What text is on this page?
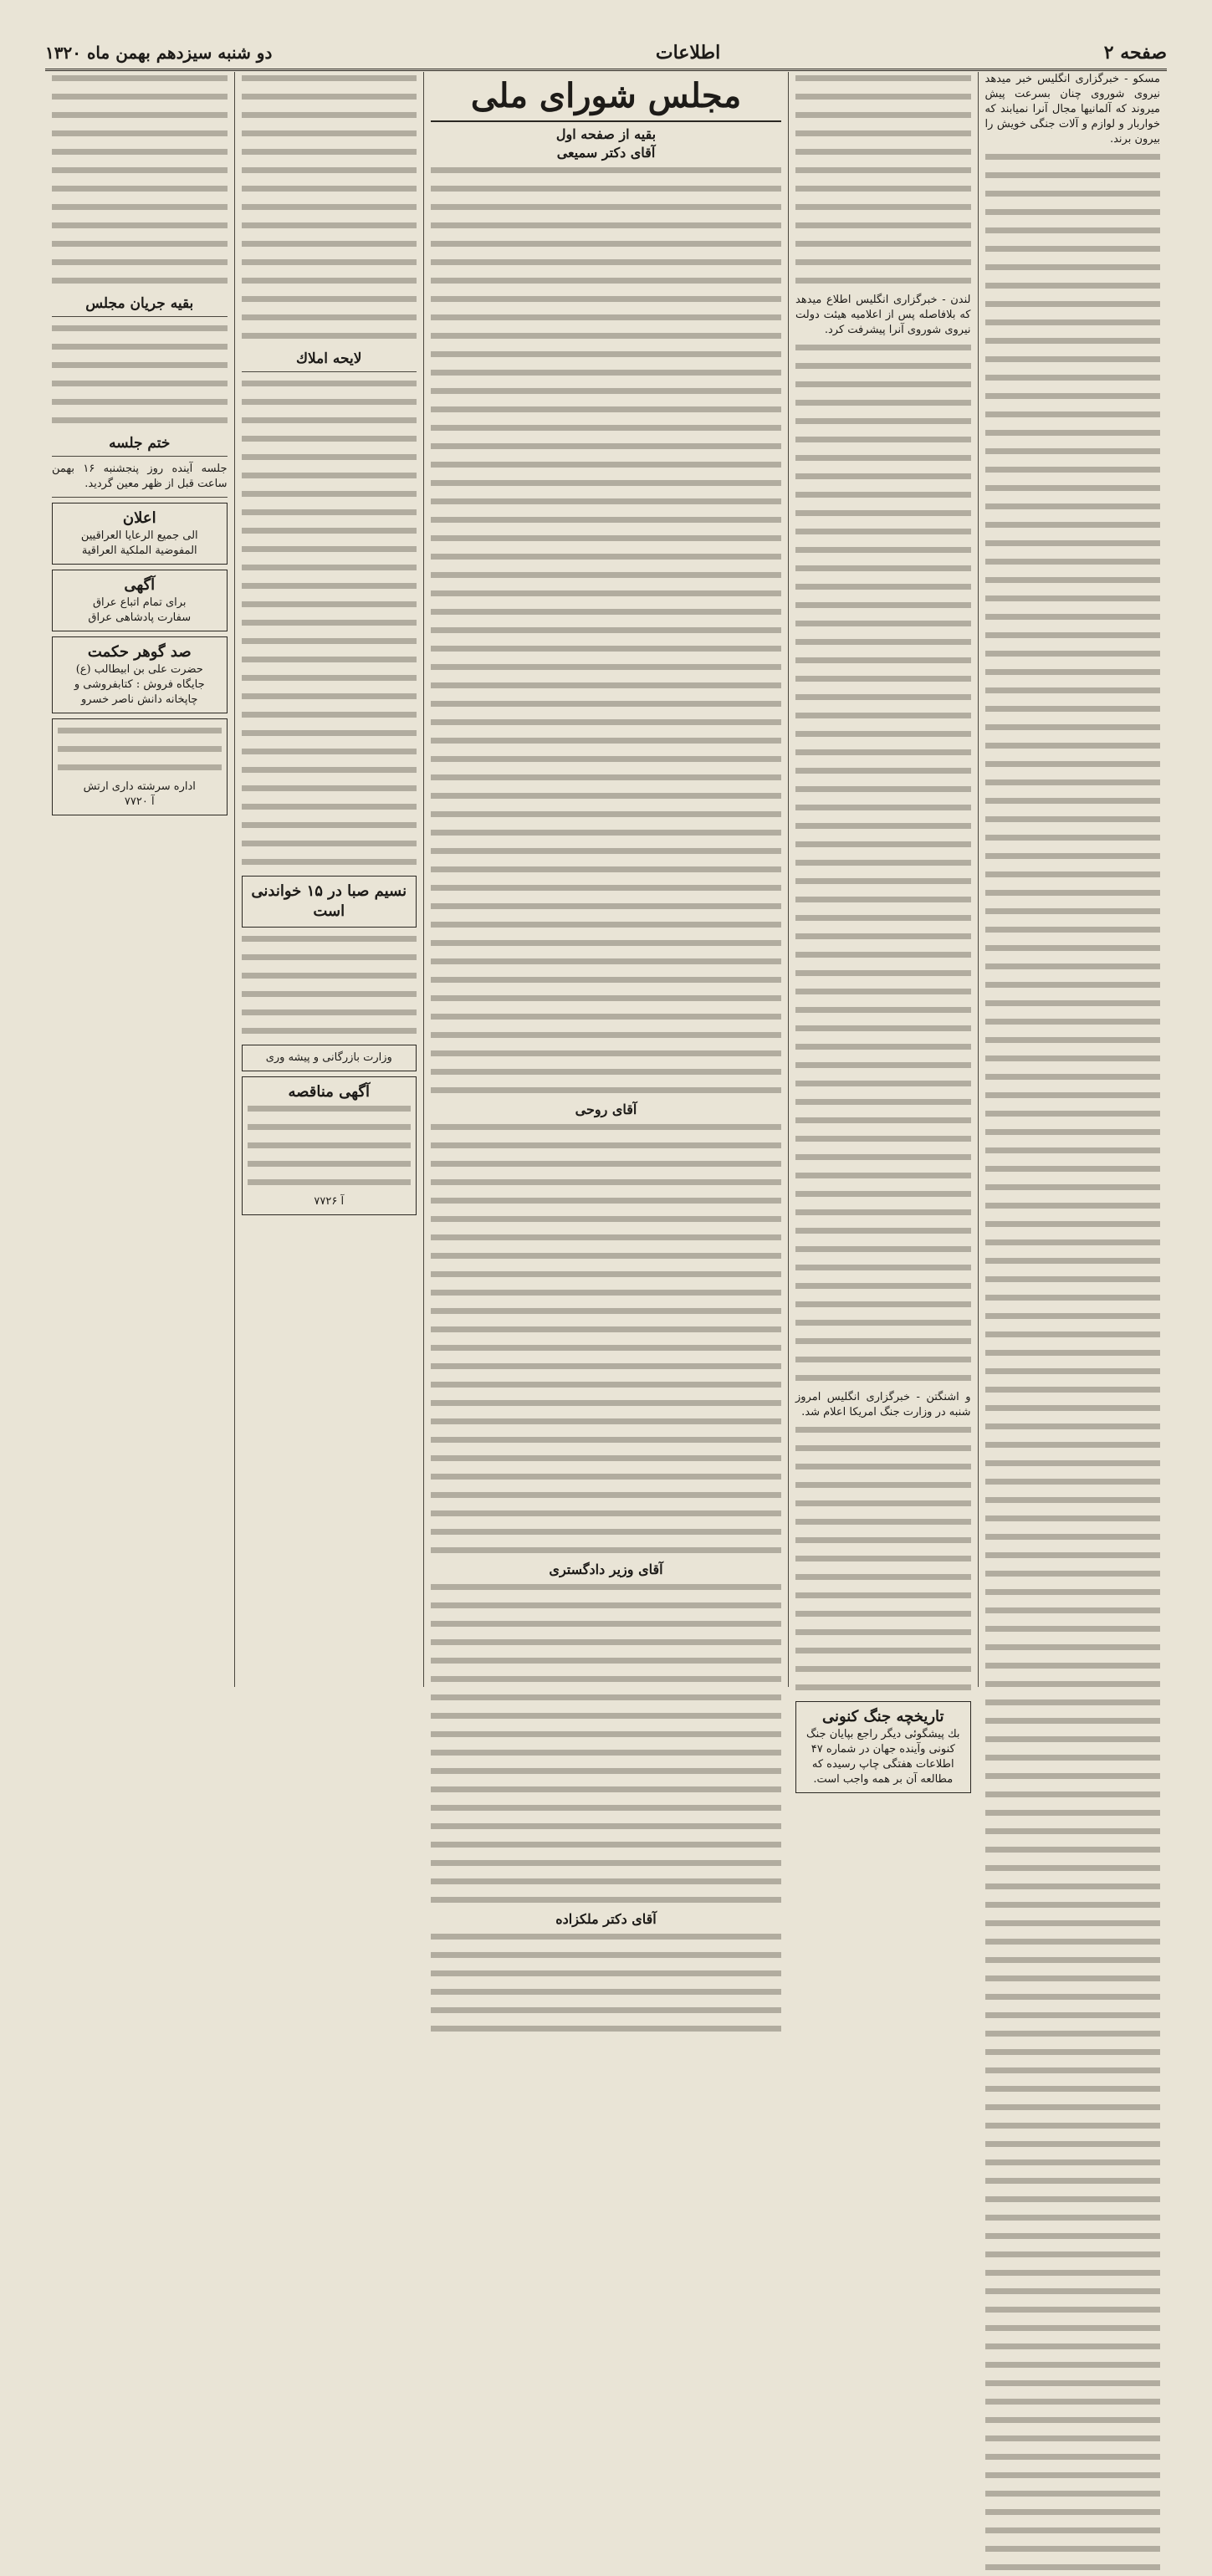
صفحه ۲
اطلاعات
دو شنبه سیزدهم بهمن ماه ۱۳۲۰

مسکو - خبرگزاری انگلیس خبر میدهد نیروی شوروی چنان بسرعت پیش میروند که آلمانیها مجال آنرا نمیابند که خواربار و لوازم و آلات جنگی خویش را بیرون برند.

لندن - خبرگزاری انگلیس اطلاع میدهد که بلافاصله پس از اعلامیه هیئت دولت نیروی شوروی آنرا پیشرفت کرد.

و اشنگتن - خبرگزاری انگلیس امروز شنبه در وزارت جنگ امریکا اعلام شد.

تاریخچه جنگ کنونی
بك پیشگوئی دیگر راجع بپایان جنگ کنونی وآینده جهان در شماره ۴۷ اطلاعات هفتگی چاپ رسیده که مطالعه آن بر همه واجب است.
مجلس شورای ملی
بقیه از صفحه اول
آقای دکتر سمیعی
آقای روحی
آقای وزیر دادگستری
آقای دکتر ملکزاده
لایحه املاك
نسیم صبا در ۱۵ خواندنی است
وزارت بازرگانی و پیشه وری
آگهی مناقصه
آ ۷۷۲۶
بقیه جریان مجلس
ختم جلسه

جلسه آینده روز پنجشنبه ۱۶ بهمن ساعت قبل از ظهر معین گردید.

اعلان
الی جمیع الرعایا العراقیین
المفوضية الملكية العراقية
آگهی
برای تمام اتباع عراق
سفارت پادشاهی عراق
صد گوهر حکمت
حضرت علی بن ابیطالب (ع)
جایگاه فروش : کتابفروشی و چاپخانه دانش ناصر خسرو
اداره سرشته داری ارتش
آ ۷۷۲۰
